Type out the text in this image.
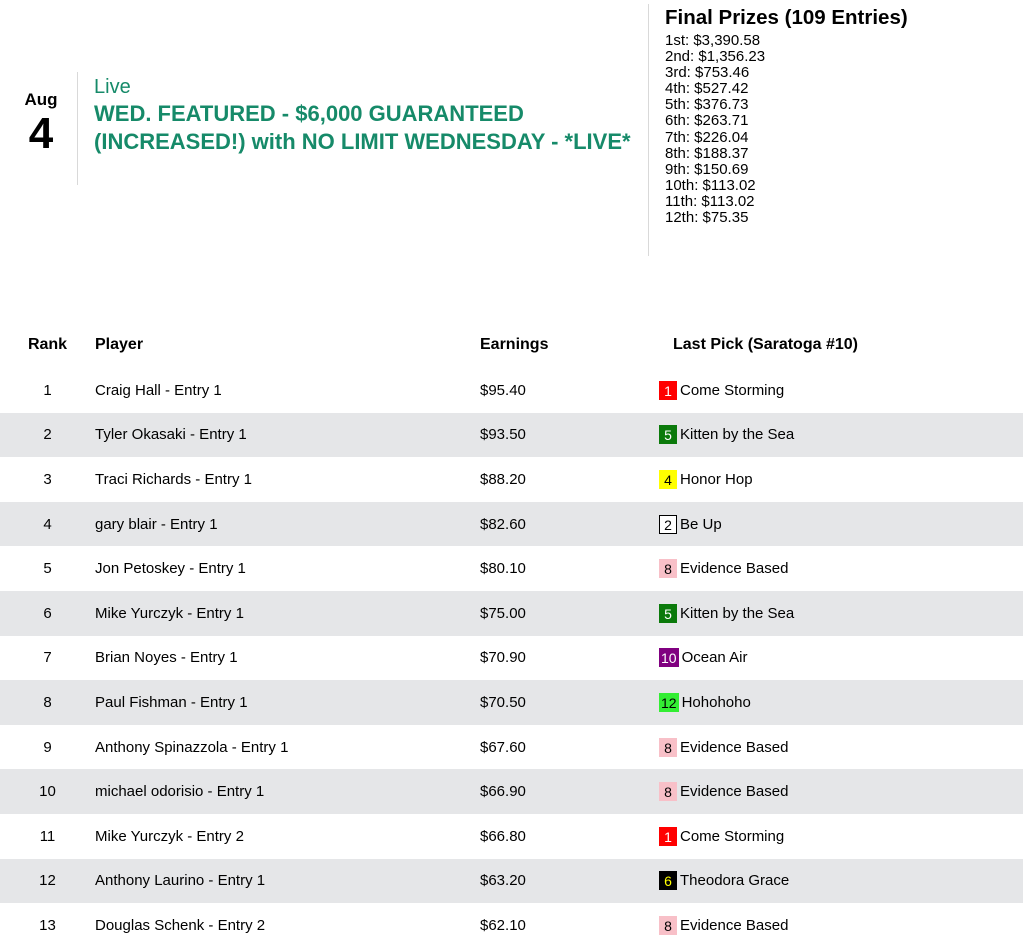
Aug
4
Live
WED. FEATURED - $6,000 GUARANTEED (INCREASED!) with NO LIMIT WEDNESDAY - *LIVE*
Final Prizes (109 Entries)
1st: $3,390.58
2nd: $1,356.23
3rd: $753.46
4th: $527.42
5th: $376.73
6th: $263.71
7th: $226.04
8th: $188.37
9th: $150.69
10th: $113.02
11th: $113.02
12th: $75.35
Rank	Player	Earnings	Last Pick (Saratoga #10)
1	Craig Hall - Entry 1	$95.40	1 Come Storming
2	Tyler Okasaki - Entry 1	$93.50	5 Kitten by the Sea
3	Traci Richards - Entry 1	$88.20	4 Honor Hop
4	gary blair - Entry 1	$82.60	2 Be Up
5	Jon Petoskey - Entry 1	$80.10	8 Evidence Based
6	Mike Yurczyk - Entry 1	$75.00	5 Kitten by the Sea
7	Brian Noyes - Entry 1	$70.90	10 Ocean Air
8	Paul Fishman - Entry 1	$70.50	12 Hohohoho
9	Anthony Spinazzola - Entry 1	$67.60	8 Evidence Based
10	michael odorisio - Entry 1	$66.90	8 Evidence Based
11	Mike Yurczyk - Entry 2	$66.80	1 Come Storming
12	Anthony Laurino - Entry 1	$63.20	6 Theodora Grace
13	Douglas Schenk - Entry 2	$62.10	8 Evidence Based
